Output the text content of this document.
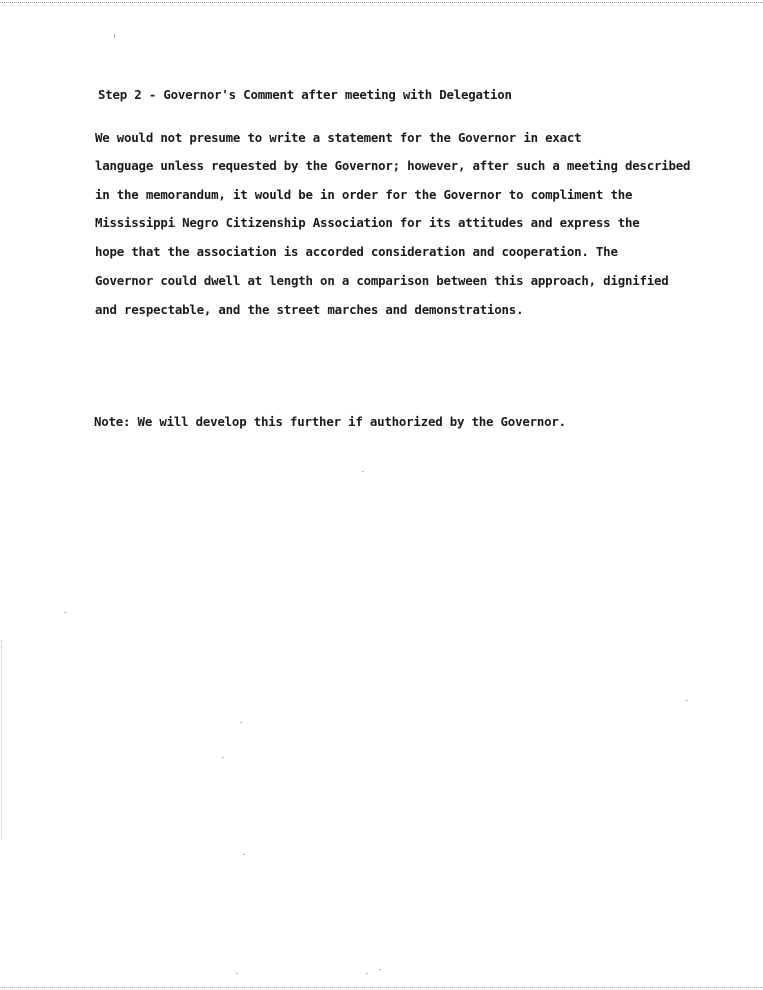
Step 2 - Governor's Comment after meeting with Delegation

We would not presume to write a statement for the Governor in exact

language unless requested by the Governor; however, after such a meeting described

in the memorandum, it would be in order for the Governor to compliment the

Mississippi Negro Citizenship Association for its attitudes and express the

hope that the association is accorded consideration and cooperation. The

Governor could dwell at length on a comparison between this approach, dignified

and respectable, and the street marches and demonstrations.

Note: We will develop this further if authorized by the Governor.
